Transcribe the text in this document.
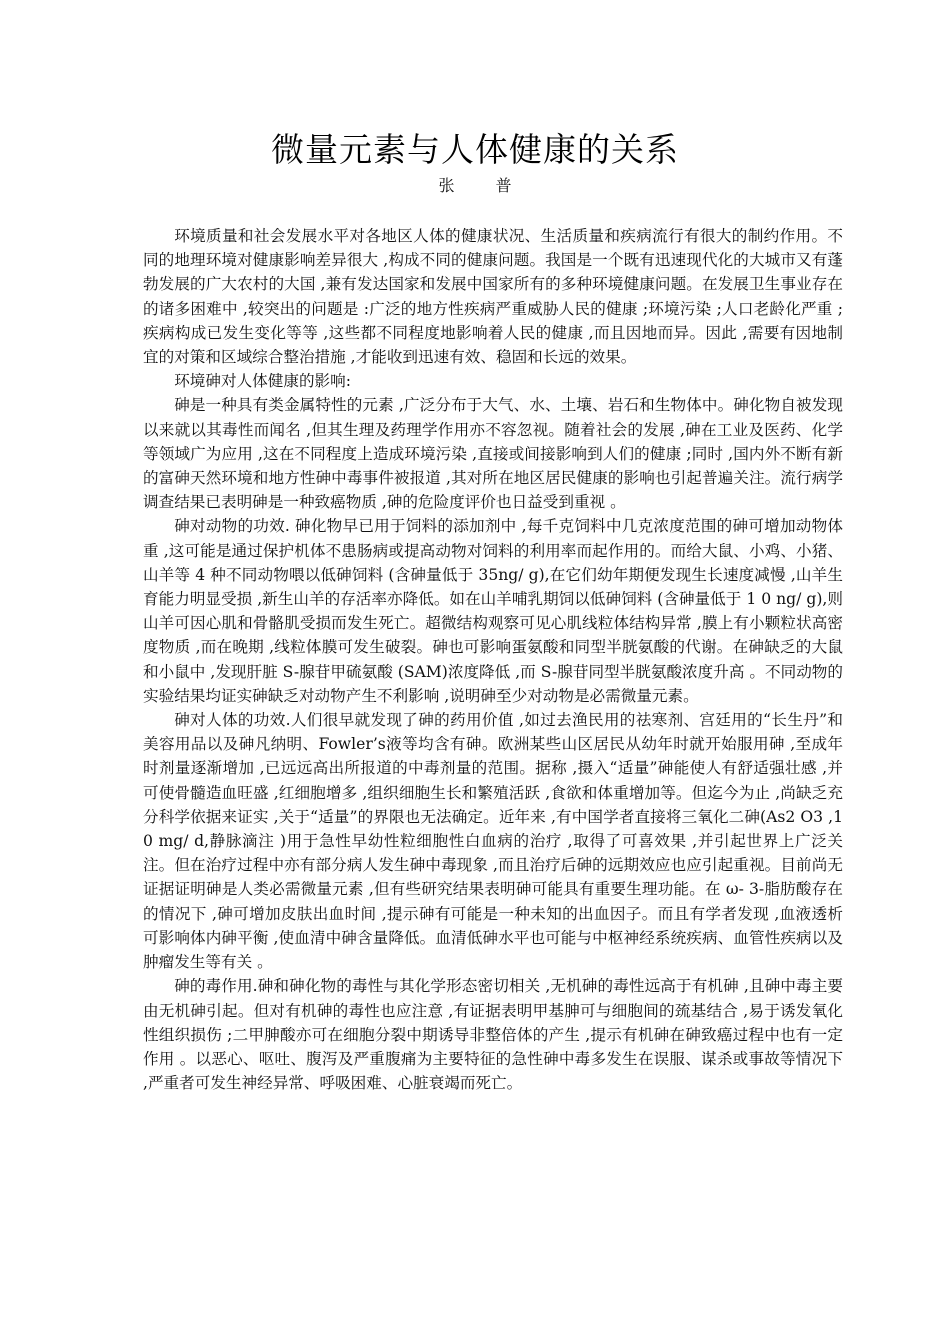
微量元素与人体健康的关系
张 普

环境质量和社会发展水平对各地区人体的健康状况、生活质量和疾病流行有很大的制约作用。不同的地理环境对健康影响差异很大 ,构成不同的健康问题。我国是一个既有迅速现代化的大城市又有蓬勃发展的广大农村的大国 ,兼有发达国家和发展中国家所有的多种环境健康问题。在发展卫生事业存在的诸多困难中 ,较突出的问题是 :广泛的地方性疾病严重威胁人民的健康 ;环境污染 ;人口老龄化严重 ;疾病构成已发生变化等等 ,这些都不同程度地影响着人民的健康 ,而且因地而异。因此 ,需要有因地制宜的对策和区域综合整治措施 ,才能收到迅速有效、稳固和长远的效果。

环境砷对人体健康的影响:

砷是一种具有类金属特性的元素 ,广泛分布于大气、水、土壤、岩石和生物体中。砷化物自被发现以来就以其毒性而闻名 ,但其生理及药理学作用亦不容忽视。随着社会的发展 ,砷在工业及医药、化学等领域广为应用 ,这在不同程度上造成环境污染 ,直接或间接影响到人们的健康 ;同时 ,国内外不断有新的富砷天然环境和地方性砷中毒事件被报道 ,其对所在地区居民健康的影响也引起普遍关注。流行病学调查结果已表明砷是一种致癌物质 ,砷的危险度评价也日益受到重视 。

砷对动物的功效. 砷化物早已用于饲料的添加剂中 ,每千克饲料中几克浓度范围的砷可增加动物体重 ,这可能是通过保护机体不患肠病或提高动物对饲料的利用率而起作用的。而给大鼠、小鸡、小猪、山羊等 4 种不同动物喂以低砷饲料 (含砷量低于 35ng/ g),在它们幼年期便发现生长速度减慢 ,山羊生育能力明显受损 ,新生山羊的存活率亦降低。如在山羊哺乳期饲以低砷饲料 (含砷量低于 1 0 ng/ g),则山羊可因心肌和骨骼肌受损而发生死亡。超微结构观察可见心肌线粒体结构异常 ,膜上有小颗粒状高密度物质 ,而在晚期 ,线粒体膜可发生破裂。砷也可影响蛋氨酸和同型半胱氨酸的代谢。在砷缺乏的大鼠和小鼠中 ,发现肝脏 S-腺苷甲硫氨酸 (SAM)浓度降低 ,而 S-腺苷同型半胱氨酸浓度升高 。不同动物的实验结果均证实砷缺乏对动物产生不利影响 ,说明砷至少对动物是必需微量元素。

砷对人体的功效.人们很早就发现了砷的药用价值 ,如过去渔民用的祛寒剂、宫廷用的“长生丹”和美容用品以及砷凡纳明、Fowler’s液等均含有砷。欧洲某些山区居民从幼年时就开始服用砷 ,至成年时剂量逐渐增加 ,已远远高出所报道的中毒剂量的范围。据称 ,摄入“适量”砷能使人有舒适强壮感 ,并可使骨髓造血旺盛 ,红细胞增多 ,组织细胞生长和繁殖活跃 ,食欲和体重增加等。但迄今为止 ,尚缺乏充分科学依据来证实 ,关于“适量”的界限也无法确定。近年来 ,有中国学者直接将三氧化二砷(As2 O3 ,1 0 mg/ d,静脉滴注 )用于急性早幼性粒细胞性白血病的治疗 ,取得了可喜效果 ,并引起世界上广泛关注。但在治疗过程中亦有部分病人发生砷中毒现象 ,而且治疗后砷的远期效应也应引起重视。目前尚无证据证明砷是人类必需微量元素 ,但有些研究结果表明砷可能具有重要生理功能。在 ω- 3-脂肪酸存在的情况下 ,砷可增加皮肤出血时间 ,提示砷有可能是一种未知的出血因子。而且有学者发现 ,血液透析可影响体内砷平衡 ,使血清中砷含量降低。血清低砷水平也可能与中枢神经系统疾病、血管性疾病以及肿瘤发生等有关 。

砷的毒作用.砷和砷化物的毒性与其化学形态密切相关 ,无机砷的毒性远高于有机砷 ,且砷中毒主要由无机砷引起。但对有机砷的毒性也应注意 ,有证据表明甲基胂可与细胞间的巯基结合 ,易于诱发氧化性组织损伤 ;二甲胂酸亦可在细胞分裂中期诱导非整倍体的产生 ,提示有机砷在砷致癌过程中也有一定作用 。以恶心、呕吐、腹泻及严重腹痛为主要特征的急性砷中毒多发生在误服、谋杀或事故等情况下 ,严重者可发生神经异常、呼吸困难、心脏衰竭而死亡。
